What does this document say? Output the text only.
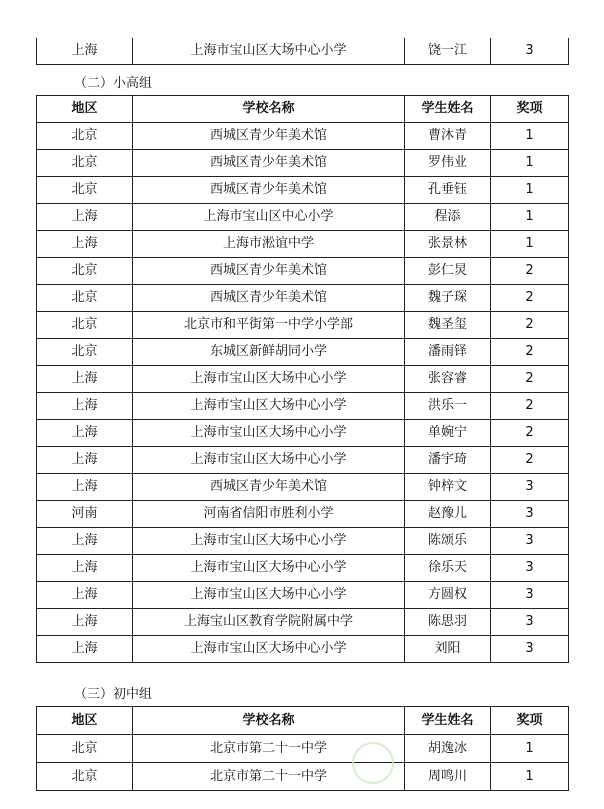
上海	上海市宝山区大场中心小学	饶一江	3
（二）小高组
地区	学校名称	学生姓名	奖项
北京	西城区青少年美术馆	曹沐青	1
北京	西城区青少年美术馆	罗伟业	1
北京	西城区青少年美术馆	孔垂钰	1
上海	上海市宝山区中心小学	程添	1
上海	上海市淞谊中学	张景林	1
北京	西城区青少年美术馆	彭仁炅	2
北京	西城区青少年美术馆	魏子琛	2
北京	北京市和平街第一中学小学部	魏圣玺	2
北京	东城区新鲜胡同小学	潘雨铎	2
上海	上海市宝山区大场中心小学	张容睿	2
上海	上海市宝山区大场中心小学	洪乐一	2
上海	上海市宝山区大场中心小学	单婉宁	2
上海	上海市宝山区大场中心小学	潘宇琦	2
上海	西城区青少年美术馆	钟梓文	3
河南	河南省信阳市胜利小学	赵豫儿	3
上海	上海市宝山区大场中心小学	陈颂乐	3
上海	上海市宝山区大场中心小学	徐乐天	3
上海	上海市宝山区大场中心小学	方圆权	3
上海	上海宝山区教育学院附属中学	陈思羽	3
上海	上海市宝山区大场中心小学	刘阳	3
（三）初中组
地区	学校名称	学生姓名	奖项
北京	北京市第二十一中学	胡逸冰	1
北京	北京市第二十一中学	周鸣川	1
